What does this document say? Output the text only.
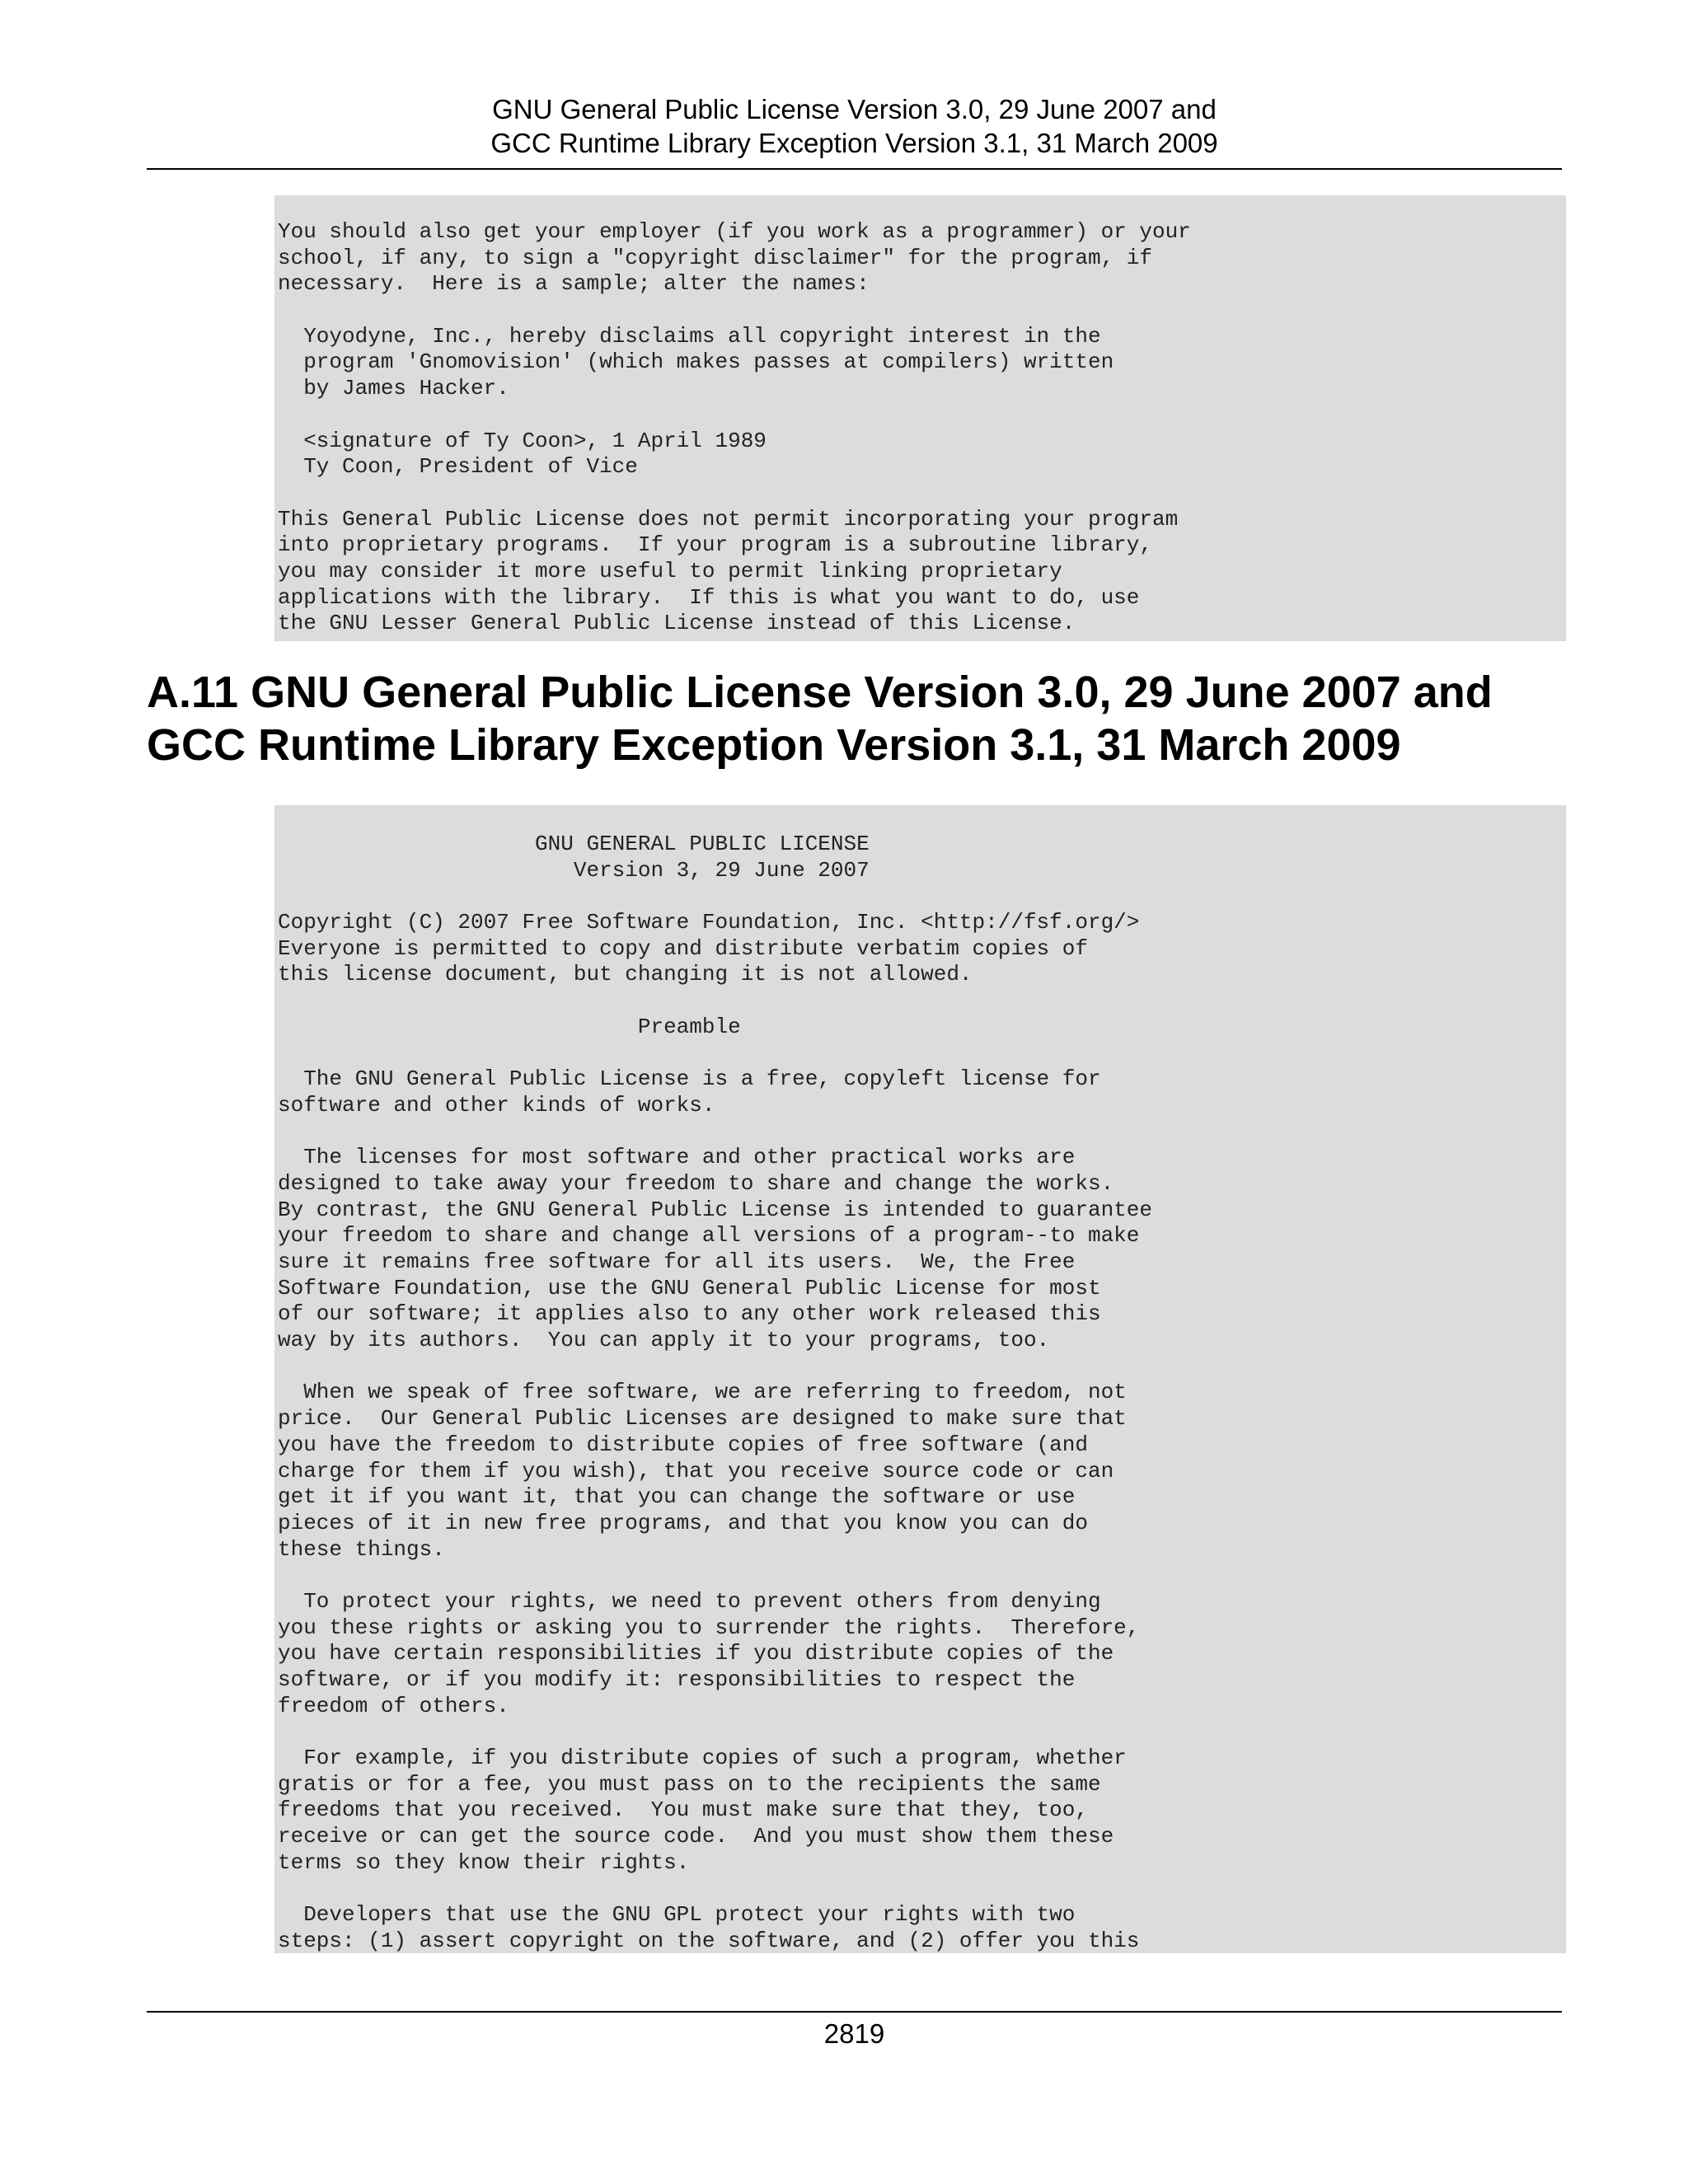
GNU General Public License Version 3.0, 29 June 2007 and
GCC Runtime Library Exception Version 3.1, 31 March 2009
You should also get your employer (if you work as a programmer) or your
school, if any, to sign a "copyright disclaimer" for the program, if
necessary.  Here is a sample; alter the names:
Yoyodyne, Inc., hereby disclaims all copyright interest in the
program 'Gnomovision' (which makes passes at compilers) written
by James Hacker.
<signature of Ty Coon>, 1 April 1989
Ty Coon, President of Vice
This General Public License does not permit incorporating your program
into proprietary programs.  If your program is a subroutine library,
you may consider it more useful to permit linking proprietary
applications with the library.  If this is what you want to do, use
the GNU Lesser General Public License instead of this License.
A.11 GNU General Public License Version 3.0, 29 June 2007 and
GCC Runtime Library Exception Version 3.1, 31 March 2009
GNU GENERAL PUBLIC LICENSE
Version 3, 29 June 2007
Copyright (C) 2007 Free Software Foundation, Inc. <http://fsf.org/>
Everyone is permitted to copy and distribute verbatim copies of
this license document, but changing it is not allowed.
Preamble
The GNU General Public License is a free, copyleft license for
software and other kinds of works.
The licenses for most software and other practical works are
designed to take away your freedom to share and change the works.
By contrast, the GNU General Public License is intended to guarantee
your freedom to share and change all versions of a program--to make
sure it remains free software for all its users.  We, the Free
Software Foundation, use the GNU General Public License for most
of our software; it applies also to any other work released this
way by its authors.  You can apply it to your programs, too.
When we speak of free software, we are referring to freedom, not
price.  Our General Public Licenses are designed to make sure that
you have the freedom to distribute copies of free software (and
charge for them if you wish), that you receive source code or can
get it if you want it, that you can change the software or use
pieces of it in new free programs, and that you know you can do
these things.
To protect your rights, we need to prevent others from denying
you these rights or asking you to surrender the rights.  Therefore,
you have certain responsibilities if you distribute copies of the
software, or if you modify it: responsibilities to respect the
freedom of others.
For example, if you distribute copies of such a program, whether
gratis or for a fee, you must pass on to the recipients the same
freedoms that you received.  You must make sure that they, too,
receive or can get the source code.  And you must show them these
terms so they know their rights.
Developers that use the GNU GPL protect your rights with two
steps: (1) assert copyright on the software, and (2) offer you this
2819
